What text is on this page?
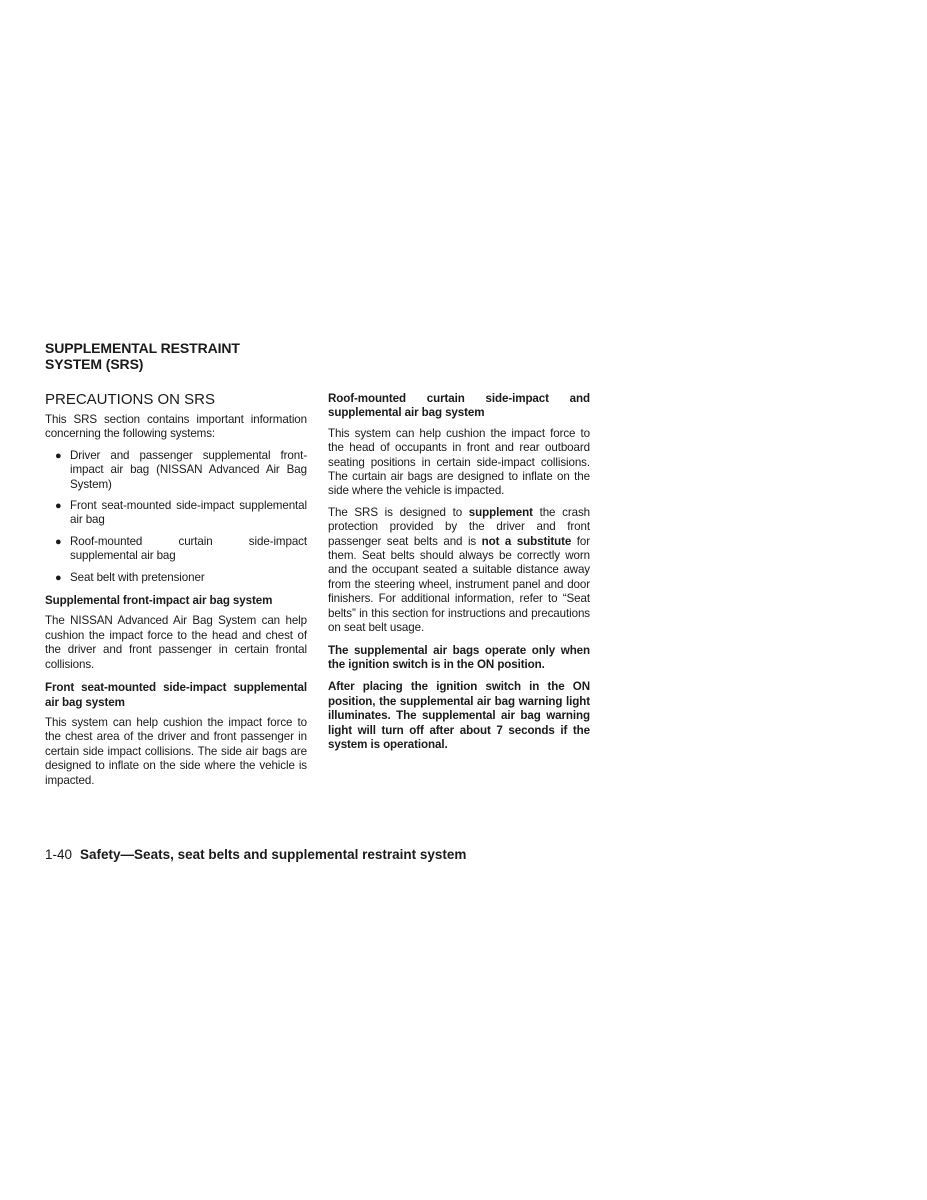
SUPPLEMENTAL RESTRAINT
SYSTEM (SRS)
PRECAUTIONS ON SRS

This SRS section contains important information concerning the following systems:

● Driver and passenger supplemental front-impact air bag (NISSAN Advanced Air Bag System)
● Front seat-mounted side-impact supplemental air bag
● Roof-mounted curtain side-impact supplemental air bag
● Seat belt with pretensioner
Supplemental front-impact air bag system

The NISSAN Advanced Air Bag System can help cushion the impact force to the head and chest of the driver and front passenger in certain frontal collisions.

Front seat-mounted side-impact supplemental air bag system

This system can help cushion the impact force to the chest area of the driver and front passenger in certain side impact collisions. The side air bags are designed to inflate on the side where the vehicle is impacted.

Roof-mounted curtain side-impact and supplemental air bag system

This system can help cushion the impact force to the head of occupants in front and rear outboard seating positions in certain side-impact collisions. The curtain air bags are designed to inflate on the side where the vehicle is impacted.

The SRS is designed to supplement the crash protection provided by the driver and front passenger seat belts and is not a substitute for them. Seat belts should always be correctly worn and the occupant seated a suitable distance away from the steering wheel, instrument panel and door finishers. For additional information, refer to “Seat belts” in this section for instructions and precautions on seat belt usage.

The supplemental air bags operate only when the ignition switch is in the ON position.

After placing the ignition switch in the ON position, the supplemental air bag warning light illuminates. The supplemental air bag warning light will turn off after about 7 seconds if the system is operational.

1-40 Safety—Seats, seat belts and supplemental restraint system
